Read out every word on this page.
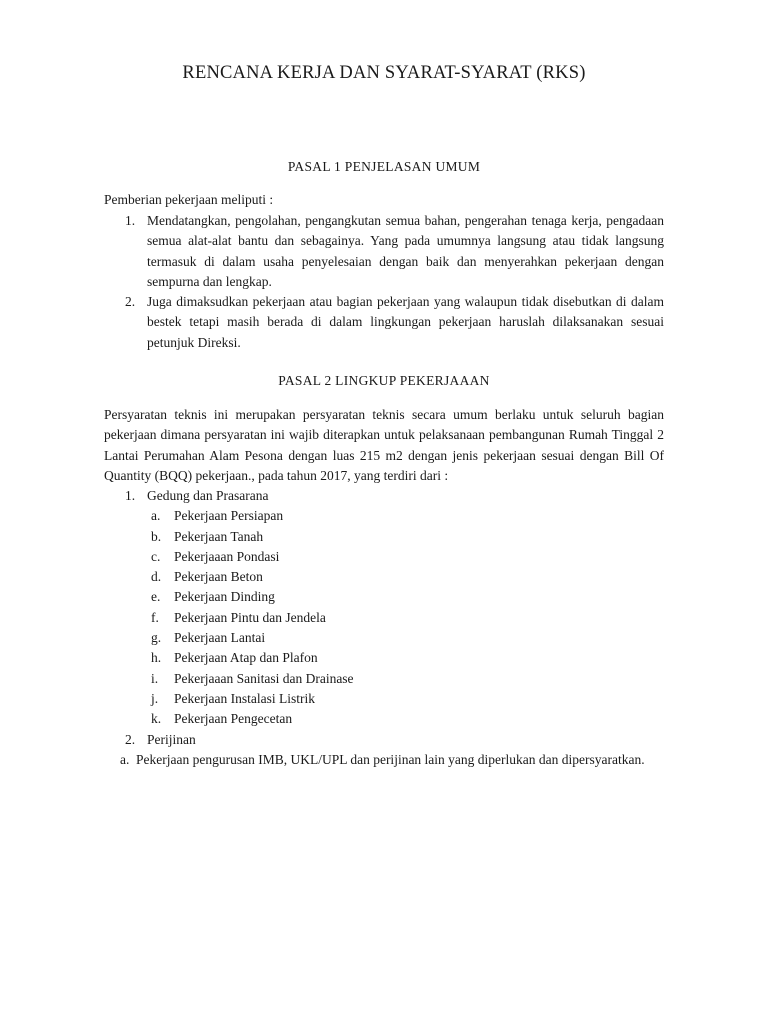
RENCANA KERJA DAN SYARAT-SYARAT (RKS)
PASAL 1 PENJELASAN UMUM
Pemberian pekerjaan meliputi :
1. Mendatangkan, pengolahan, pengangkutan semua bahan, pengerahan tenaga kerja, pengadaan semua alat-alat bantu dan sebagainya. Yang pada umumnya langsung atau tidak langsung termasuk di dalam usaha penyelesaian dengan baik dan menyerahkan pekerjaan dengan sempurna dan lengkap.
2. Juga dimaksudkan pekerjaan atau bagian pekerjaan yang walaupun tidak disebutkan di dalam bestek tetapi masih berada di dalam lingkungan pekerjaan haruslah dilaksanakan sesuai petunjuk Direksi.
PASAL 2 LINGKUP PEKERJAAAN

Persyaratan teknis ini merupakan persyaratan teknis secara umum berlaku untuk seluruh bagian pekerjaan dimana persyaratan ini wajib diterapkan untuk pelaksanaan pembangunan Rumah Tinggal 2 Lantai Perumahan Alam Pesona dengan luas 215 m2 dengan jenis pekerjaan sesuai dengan Bill Of Quantity (BQQ) pekerjaan., pada tahun 2017, yang terdiri dari :

1. Gedung dan Prasarana
a. Pekerjaan Persiapan
b. Pekerjaan Tanah
c. Pekerjaaan Pondasi
d. Pekerjaan Beton
e. Pekerjaan Dinding
f. Pekerjaan Pintu dan Jendela
g. Pekerjaan Lantai
h. Pekerjaan Atap dan Plafon
i. Pekerjaaan Sanitasi dan Drainase
j. Pekerjaan Instalasi Listrik
k. Pekerjaan Pengecetan
2. Perijinan
a. Pekerjaan pengurusan IMB, UKL/UPL dan perijinan lain yang diperlukan dan dipersyaratkan.
